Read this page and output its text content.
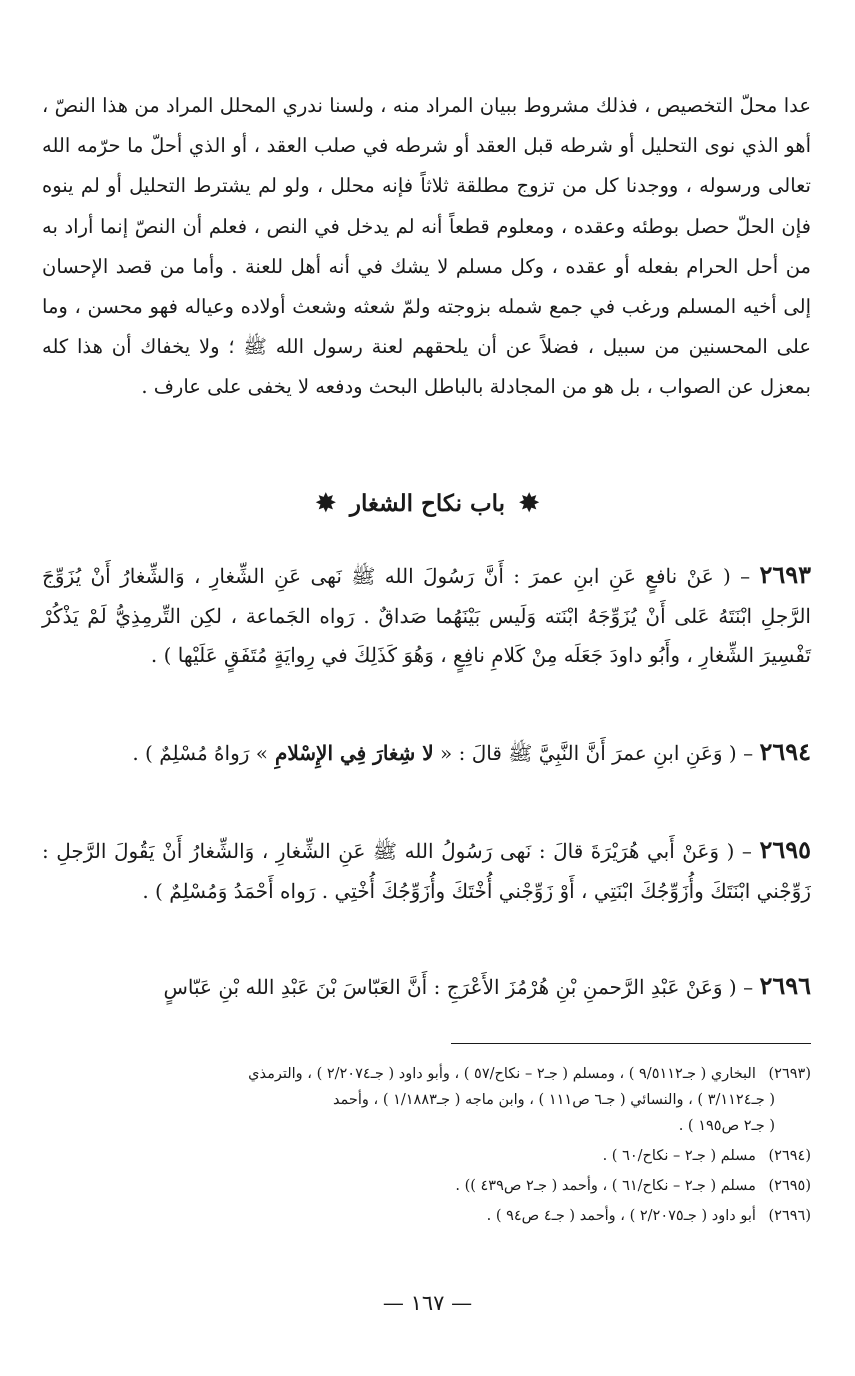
عدا محلّ التخصيص ، فذلك مشروط ببيان المراد منه ، ولسنا ندري المحلل المراد من هذا النصّ ، أهو الذي نوى التحليل أو شرطه قبل العقد أو شرطه في صلب العقد ، أو الذي أحلّ ما حرّمه الله تعالى ورسوله ، ووجدنا كل من تزوج مطلقة ثلاثاً فإنه محلل ، ولو لم يشترط التحليل أو لم ينوه فإن الحلّ حصل بوطئه وعقده ، ومعلوم قطعاً أنه لم يدخل في النص ، فعلم أن النصّ إنما أراد به من أحل الحرام بفعله أو عقده ، وكل مسلم لا يشك في أنه أهل للعنة . وأما من قصد الإحسان إلى أخيه المسلم ورغب في جمع شمله بزوجته ولمّ شعثه وشعث أولاده وعياله فهو محسن ، وما على المحسنين من سبيل ، فضلاً عن أن يلحقهم لعنة رسول الله ﷺ ؛ ولا يخفاك أن هذا كله بمعزل عن الصواب ، بل هو من المجادلة بالباطل البحث ودفعه لا يخفى على عارف .

✸ باب نكاح الشغار ✸

٢٦٩٣ – ( عَنْ نافعٍ عَنِ ابنِ عمرَ : أَنَّ رَسُولَ الله ﷺ نَهى عَنِ الشِّغارِ ، وَالشِّغارُ أَنْ يُزَوِّجَ الرَّجلِ ابْنَتَهُ عَلى أَنْ يُزَوِّجَهُ ابْنَته وَلَيس بَيْنَهُما صَداقٌ . رَواه الجَماعة ، لكِن التِّرمِذِيُّ لَمْ يَذْكُرْ تَفْسِيرَ الشِّغارِ ، وأَبُو داودَ جَعَلَه مِنْ كَلامِ نافِعٍ ، وَهُوَ كَذَلِكَ في رِوايَةٍ مُتَفَقٍ عَلَيْها ) .

٢٦٩٤ – ( وَعَنِ ابنِ عمرَ أَنَّ النَّبِيَّ ﷺ قالَ : « لا شِغارَ فِي الإِسْلامِ » رَواهُ مُسْلِمٌ ) .

٢٦٩٥ – ( وَعَنْ أَبي هُرَيْرَةَ قالَ : نَهى رَسُولُ الله ﷺ عَنِ الشِّغارِ ، وَالشِّغارُ أَنْ يَقُولَ الرَّجلِ : زَوِّجْني ابْنَتَكَ وأُزَوِّجُكَ ابْنَتِي ، أَوْ زَوِّجْني أُخْتَكَ وأُزَوِّجُكَ أُخْتِي . رَواه أَحْمَدُ وَمُسْلِمٌ ) .

٢٦٩٦ – ( وَعَنْ عَبْدِ الرَّحمنِ بْنِ هُرْمُزَ الأَعْرَجِ : أَنَّ العَبّاسَ بْنَ عَبْدِ الله بْنِ عَبّاسٍ

(٢٦٩٣) البخاري ( جـ٩/٥١١٢ ) ، ومسلم ( جـ٢ – نكاح/٥٧ ) ، وأبو داود ( جـ٢/٢٠٧٤ ) ، والترمذي
( جـ٣/١١٢٤ ) ، والنسائي ( جـ٦ ص١١١ ) ، وابن ماجه ( جـ١/١٨٨٣ ) ، وأحمد
( جـ٢ ص١٩٥ ) .
(٢٦٩٤) مسلم ( جـ٢ – نكاح/٦٠ ) .
(٢٦٩٥) مسلم ( جـ٢ – نكاح/٦١ ) ، وأحمد ( جـ٢ ص٤٣٩ )) .
(٢٦٩٦) أبو داود ( جـ٢/٢٠٧٥ ) ، وأحمد ( جـ٤ ص٩٤ ) .
— ١٦٧ —
